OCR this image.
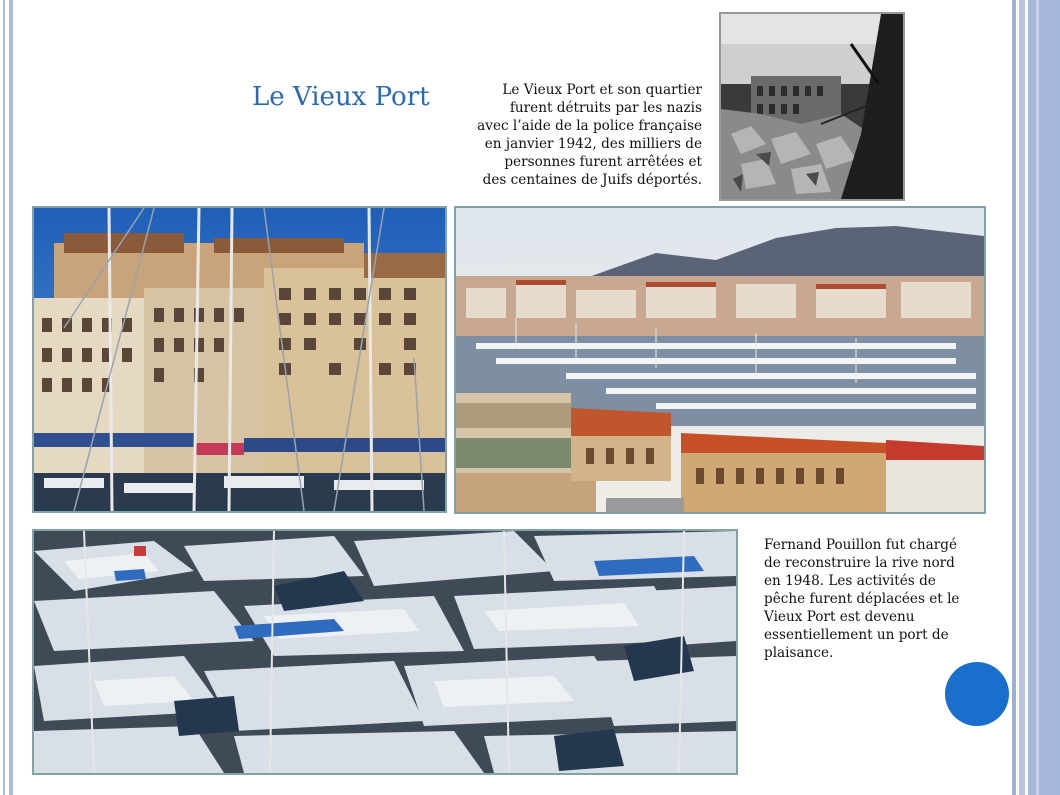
Le Vieux Port	Le Vieux Port et son quartier
furent détruits par les nazis
avec l’aide de la police française
en janvier 1942, des milliers de
personnes furent arrêtées et
des centaines de Juifs déportés.
Fernand Pouillon fut chargé
de reconstruire la rive nord
en 1948. Les activités de
pêche furent déplacées et le
Vieux Port est devenu
essentiellement un port de
plaisance.
